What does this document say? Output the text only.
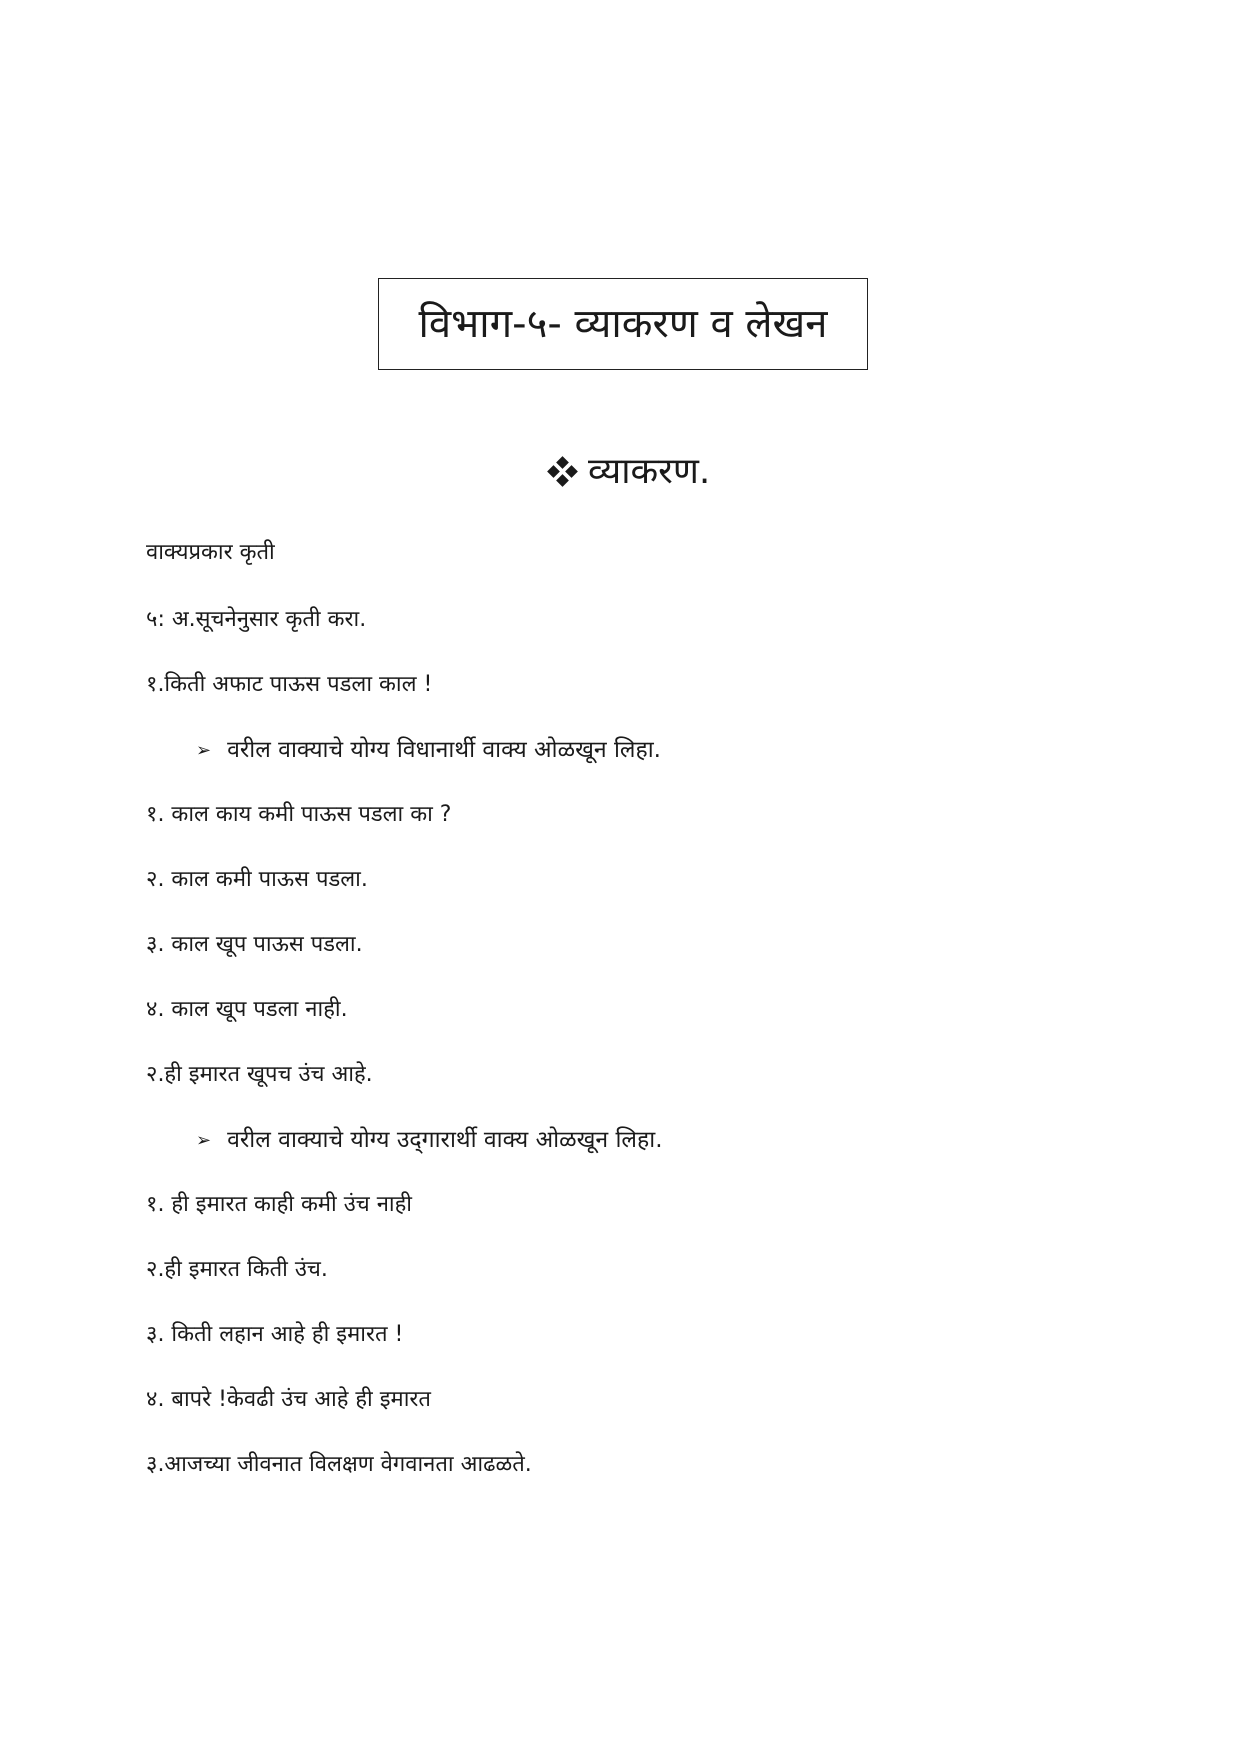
विभाग-५- व्याकरण व लेखन
व्याकरण.
वाक्यप्रकार कृती
५: अ.सूचनेनुसार कृती करा.
१.किती अफाट पाऊस पडला काल !
➢ वरील वाक्याचे योग्य विधानार्थी वाक्य ओळखून लिहा.
१. काल काय कमी पाऊस पडला का ?
२. काल कमी पाऊस पडला.
३. काल खूप पाऊस पडला.
४. काल खूप पडला नाही.
२.ही इमारत खूपच उंच आहे.
➢ वरील वाक्याचे योग्य उद्‌गारार्थी वाक्य ओळखून लिहा.
१. ही इमारत काही कमी उंच नाही
२.ही इमारत किती उंच.
३. किती लहान आहे ही इमारत !
४. बापरे !केवढी उंच आहे ही इमारत
३.आजच्या जीवनात विलक्षण वेगवानता आढळते.
